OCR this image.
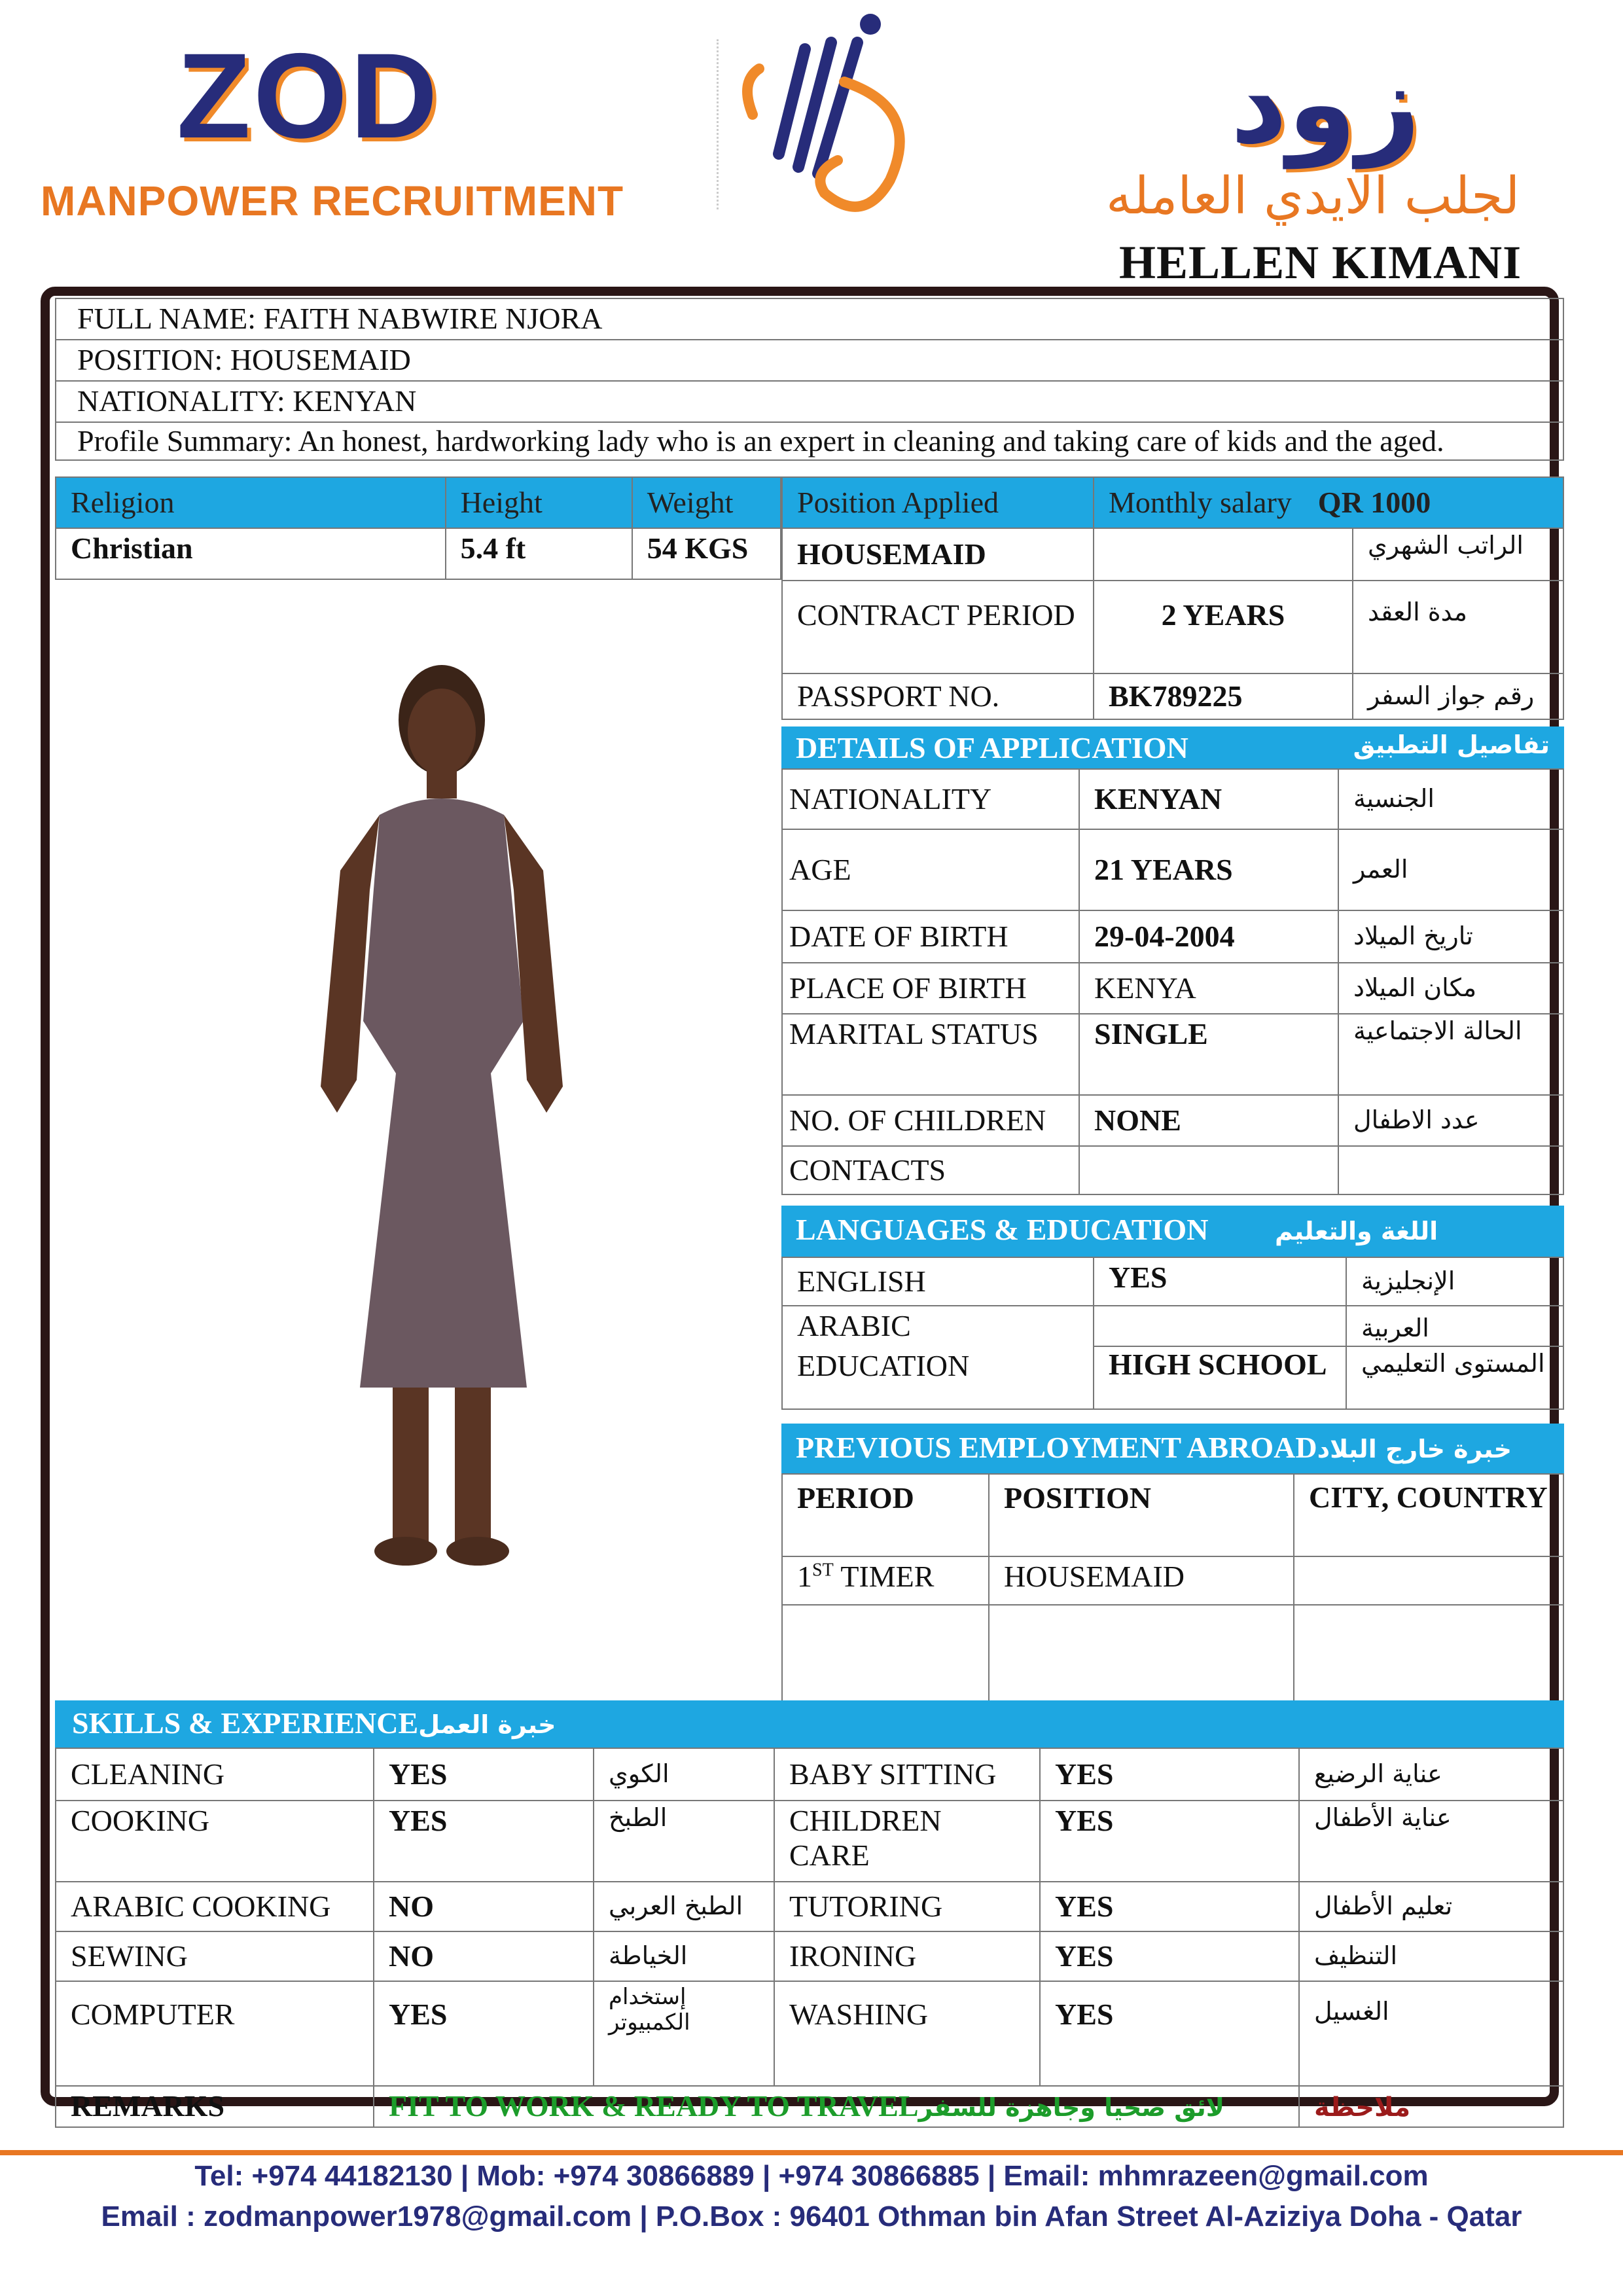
ZOD
MANPOWER RECRUITMENT
زود
لجلب الايدي العامله
HELLEN KIMANI
FULL NAME: FAITH NABWIRE NJORA
POSITION: HOUSEMAID
NATIONALITY: KENYAN
Profile Summary: An honest, hardworking lady who is an expert in cleaning and taking care of kids and the aged.
Religion	Height	Weight
Christian	5.4 ft	54 KGS
Position Applied	Monthly salary QR 1000	
HOUSEMAID		الراتب الشهري
CONTRACT PERIOD	2 YEARS	مدة العقد
PASSPORT NO.	BK789225	رقم جواز السفر
DETAILS OF APPLICATION	تفاصيل التطبيق
NATIONALITY	KENYAN	الجنسية
AGE	21 YEARS	العمر
DATE OF BIRTH	29-04-2004	تاريخ الميلاد
PLACE OF BIRTH	KENYA	مكان الميلاد
MARITAL STATUS	SINGLE	الحالة الاجتماعية
NO. OF CHILDREN	NONE	عدد الاطفال
CONTACTS		
LANGUAGES & EDUCATION	اللغة والتعليم
ENGLISH	YES	الإنجليزية
ARABIC		العربية
EDUCATION	HIGH SCHOOL	المستوى التعليمي
PREVIOUS EMPLOYMENT ABROADخبرة خارج البلاد
PERIOD	POSITION	CITY, COUNTRY
1ST TIMER	HOUSEMAID	

SKILLS & EXPERIENCEخبرة العمل
CLEANING	YES	الكوي	BABY SITTING	YES	عناية الرضيع
COOKING	YES	الطبخ	CHILDREN CARE	YES	عناية الأطفال
ARABIC COOKING	NO	الطبخ العربي	TUTORING	YES	تعليم الأطفال
SEWING	NO	الخياطة	IRONING	YES	التنظيف
COMPUTER	YES	إستخدام الكمبيوتر	WASHING	YES	الغسيل
REMARKS	FIT TO WORK & READY TO TRAVELلائق صحيا وجاهزة للسفر				ملاحظة
Tel: +974 44182130 | Mob: +974 30866889 | +974 30866885 | Email: mhmrazeen@gmail.com
Email : zodmanpower1978@gmail.com | P.O.Box : 96401 Othman bin Afan Street Al-Aziziya Doha - Qatar
